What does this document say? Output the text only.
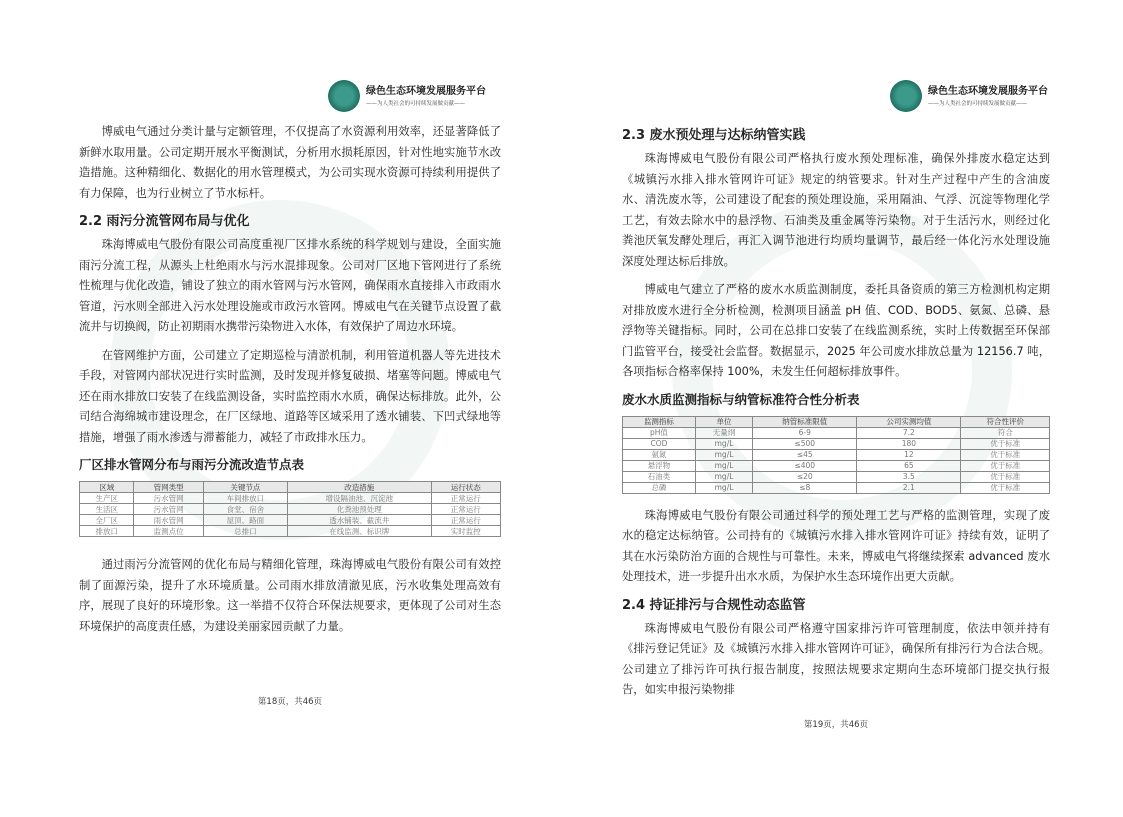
绿色生态环境发展服务平台
——为人类社会的可持续发展做贡献——

博威电气通过分类计量与定额管理，不仅提高了水资源利用效率，还显著降低了新鲜水取用量。公司定期开展水平衡测试，分析用水损耗原因，针对性地实施节水改造措施。这种精细化、数据化的用水管理模式，为公司实现水资源可持续利用提供了有力保障，也为行业树立了节水标杆。

2.2 雨污分流管网布局与优化

珠海博威电气股份有限公司高度重视厂区排水系统的科学规划与建设，全面实施雨污分流工程，从源头上杜绝雨水与污水混排现象。公司对厂区地下管网进行了系统性梳理与优化改造，铺设了独立的雨水管网与污水管网，确保雨水直接排入市政雨水管道，污水则全部进入污水处理设施或市政污水管网。博威电气在关键节点设置了截流井与切换阀，防止初期雨水携带污染物进入水体，有效保护了周边水环境。

在管网维护方面，公司建立了定期巡检与清淤机制，利用管道机器人等先进技术手段，对管网内部状况进行实时监测，及时发现并修复破损、堵塞等问题。博威电气还在雨水排放口安装了在线监测设备，实时监控雨水水质，确保达标排放。此外，公司结合海绵城市建设理念，在厂区绿地、道路等区域采用了透水铺装、下凹式绿地等措施，增强了雨水渗透与滞蓄能力，减轻了市政排水压力。

厂区排水管网分布与雨污分流改造节点表
区域	管网类型	关键节点	改造措施	运行状态
生产区	污水管网	车间排放口	增设隔油池、沉淀池	正常运行
生活区	污水管网	食堂、宿舍	化粪池预处理	正常运行
全厂区	雨水管网	屋顶、路面	透水铺装、截流井	正常运行
排放口	监测点位	总排口	在线监测、标识牌	实时监控

通过雨污分流管网的优化布局与精细化管理，珠海博威电气股份有限公司有效控制了面源污染，提升了水环境质量。公司雨水排放清澈见底，污水收集处理高效有序，展现了良好的环境形象。这一举措不仅符合环保法规要求，更体现了公司对生态环境保护的高度责任感，为建设美丽家园贡献了力量。

第18页，共46页
绿色生态环境发展服务平台
——为人类社会的可持续发展做贡献——
2.3 废水预处理与达标纳管实践

珠海博威电气股份有限公司严格执行废水预处理标准，确保外排废水稳定达到《城镇污水排入排水管网许可证》规定的纳管要求。针对生产过程中产生的含油废水、清洗废水等，公司建设了配套的预处理设施，采用隔油、气浮、沉淀等物理化学工艺，有效去除水中的悬浮物、石油类及重金属等污染物。对于生活污水，则经过化粪池厌氧发酵处理后，再汇入调节池进行均质均量调节，最后经一体化污水处理设施深度处理达标后排放。

博威电气建立了严格的废水水质监测制度，委托具备资质的第三方检测机构定期对排放废水进行全分析检测，检测项目涵盖 pH 值、COD、BOD5、氨氮、总磷、悬浮物等关键指标。同时，公司在总排口安装了在线监测系统，实时上传数据至环保部门监管平台，接受社会监督。数据显示，2025 年公司废水排放总量为 12156.7 吨，各项指标合格率保持 100%，未发生任何超标排放事件。

废水水质监测指标与纳管标准符合性分析表
监测指标	单位	纳管标准限值	公司实测均值	符合性评价
pH值	无量纲	6-9	7.2	符合
COD	mg/L	≤500	180	优于标准
氨氮	mg/L	≤45	12	优于标准
悬浮物	mg/L	≤400	65	优于标准
石油类	mg/L	≤20	3.5	优于标准
总磷	mg/L	≤8	2.1	优于标准

珠海博威电气股份有限公司通过科学的预处理工艺与严格的监测管理，实现了废水的稳定达标纳管。公司持有的《城镇污水排入排水管网许可证》持续有效，证明了其在水污染防治方面的合规性与可靠性。未来，博威电气将继续探索 advanced 废水处理技术，进一步提升出水水质，为保护水生态环境作出更大贡献。

2.4 持证排污与合规性动态监管

珠海博威电气股份有限公司严格遵守国家排污许可管理制度，依法申领并持有《排污登记凭证》及《城镇污水排入排水管网许可证》，确保所有排污行为合法合规。公司建立了排污许可执行报告制度，按照法规要求定期向生态环境部门提交执行报告，如实申报污染物排

第19页，共46页
